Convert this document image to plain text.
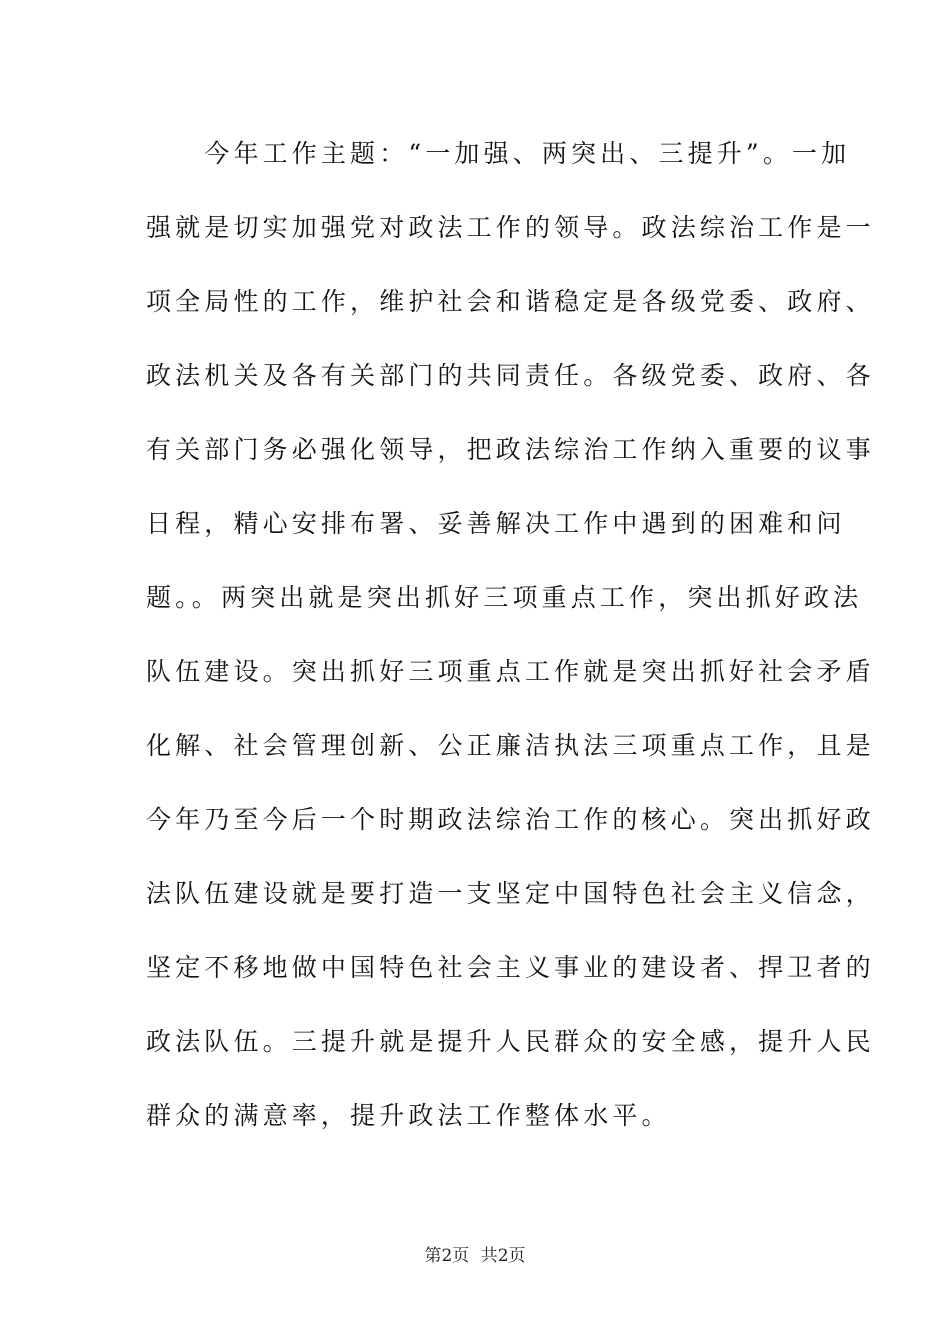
　　今年工作主题：“一加强、两突出、三提升”。一加
强就是切实加强党对政法工作的领导。政法综治工作是一
项全局性的工作，维护社会和谐稳定是各级党委、政府、
政法机关及各有关部门的共同责任。各级党委、政府、各
有关部门务必强化领导，把政法综治工作纳入重要的议事
日程，精心安排布署、妥善解决工作中遇到的困难和问
题。。两突出就是突出抓好三项重点工作，突出抓好政法
队伍建设。突出抓好三项重点工作就是突出抓好社会矛盾
化解、社会管理创新、公正廉洁执法三项重点工作，且是
今年乃至今后一个时期政法综治工作的核心。突出抓好政
法队伍建设就是要打造一支坚定中国特色社会主义信念，
坚定不移地做中国特色社会主义事业的建设者、捍卫者的
政法队伍。三提升就是提升人民群众的安全感，提升人民
群众的满意率，提升政法工作整体水平。
第2页 共2页
